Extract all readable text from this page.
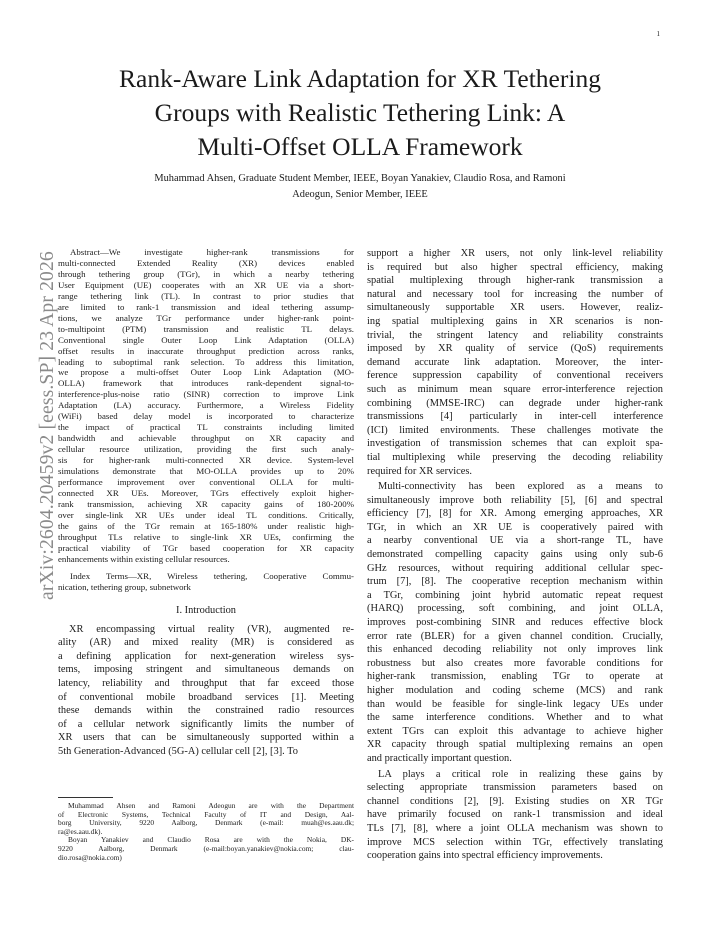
1
arXiv:2604.20459v2 [eess.SP] 23 Apr 2026
Rank-Aware Link Adaptation for XR Tethering
Groups with Realistic Tethering Link: A
Multi-Offset OLLA Framework
Muhammad Ahsen, Graduate Student Member, IEEE, Boyan Yanakiev, Claudio Rosa, and Ramoni
Adeogun, Senior Member, IEEE
Abstract—We investigate higher-rank transmissions for
multi-connected Extended Reality (XR) devices enabled
through tethering group (TGr), in which a nearby tethering
User Equipment (UE) cooperates with an XR UE via a short-
range tethering link (TL). In contrast to prior studies that
are limited to rank-1 transmission and ideal tethering assump-
tions, we analyze TGr performance under higher-rank point-
to-multipoint (PTM) transmission and realistic TL delays.
Conventional single Outer Loop Link Adaptation (OLLA)
offset results in inaccurate throughput prediction across ranks,
leading to suboptimal rank selection. To address this limitation,
we propose a multi-offset Outer Loop Link Adaptation (MO-
OLLA) framework that introduces rank-dependent signal-to-
interference-plus-noise ratio (SINR) correction to improve Link
Adaptation (LA) accuracy. Furthermore, a Wireless Fidelity
(WiFi) based delay model is incorporated to characterize
the impact of practical TL constraints including limited
bandwidth and achievable throughput on XR capacity and
cellular resource utilization, providing the first such analy-
sis for higher-rank multi-connected XR device. System-level
simulations demonstrate that MO-OLLA provides up to 20%
performance improvement over conventional OLLA for multi-
connected XR UEs. Moreover, TGrs effectively exploit higher-
rank transmission, achieving XR capacity gains of 180-200%
over single-link XR UEs under ideal TL conditions. Critically,
the gains of the TGr remain at 165-180% under realistic high-
throughput TLs relative to single-link XR UEs, confirming the
practical viability of TGr based cooperation for XR capacity
enhancements within existing cellular resources.
Index Terms—XR, Wireless tethering, Cooperative Commu-
nication, tethering group, subnetwork
I. Introduction
XR encompassing virtual reality (VR), augmented re-
ality (AR) and mixed reality (MR) is considered as
a defining application for next-generation wireless sys-
tems, imposing stringent and simultaneous demands on
latency, reliability and throughput that far exceed those
of conventional mobile broadband services [1]. Meeting
these demands within the constrained radio resources
of a cellular network significantly limits the number of
XR users that can be simultaneously supported within a
5th Generation-Advanced (5G-A) cellular cell [2], [3]. To
Muhammad Ahsen and Ramoni Adeogun are with the Department
of Electronic Systems, Technical Faculty of IT and Design, Aal-
borg University, 9220 Aalborg, Denmark (e-mail: muah@es.aau.dk;
ra@es.aau.dk).
Boyan Yanakiev and Claudio Rosa are with the Nokia, DK-
9220 Aalborg, Denmark (e-mail:boyan.yanakiev@nokia.com; clau-
dio.rosa@nokia.com)
support a higher XR users, not only link-level reliability
is required but also higher spectral efficiency, making
spatial multiplexing through higher-rank transmission a
natural and necessary tool for increasing the number of
simultaneously supportable XR users. However, realiz-
ing spatial multiplexing gains in XR scenarios is non-
trivial, the stringent latency and reliability constraints
imposed by XR quality of service (QoS) requirements
demand accurate link adaptation. Moreover, the inter-
ference suppression capability of conventional receivers
such as minimum mean square error-interference rejection
combining (MMSE-IRC) can degrade under higher-rank
transmissions [4] particularly in inter-cell interference
(ICI) limited environments. These challenges motivate the
investigation of transmission schemes that can exploit spa-
tial multiplexing while preserving the decoding reliability
required for XR services.
Multi-connectivity has been explored as a means to
simultaneously improve both reliability [5], [6] and spectral
efficiency [7], [8] for XR. Among emerging approaches, XR
TGr, in which an XR UE is cooperatively paired with
a nearby conventional UE via a short-range TL, have
demonstrated compelling capacity gains using only sub-6
GHz resources, without requiring additional cellular spec-
trum [7], [8]. The cooperative reception mechanism within
a TGr, combining joint hybrid automatic repeat request
(HARQ) processing, soft combining, and joint OLLA,
improves post-combining SINR and reduces effective block
error rate (BLER) for a given channel condition. Crucially,
this enhanced decoding reliability not only improves link
robustness but also creates more favorable conditions for
higher-rank transmission, enabling TGr to operate at
higher modulation and coding scheme (MCS) and rank
than would be feasible for single-link legacy UEs under
the same interference conditions. Whether and to what
extent TGrs can exploit this advantage to achieve higher
XR capacity through spatial multiplexing remains an open
and practically important question.
LA plays a critical role in realizing these gains by
selecting appropriate transmission parameters based on
channel conditions [2], [9]. Existing studies on XR TGr
have primarily focused on rank-1 transmission and ideal
TLs [7], [8], where a joint OLLA mechanism was shown to
improve MCS selection within TGr, effectively translating
cooperation gains into spectral efficiency improvements.
